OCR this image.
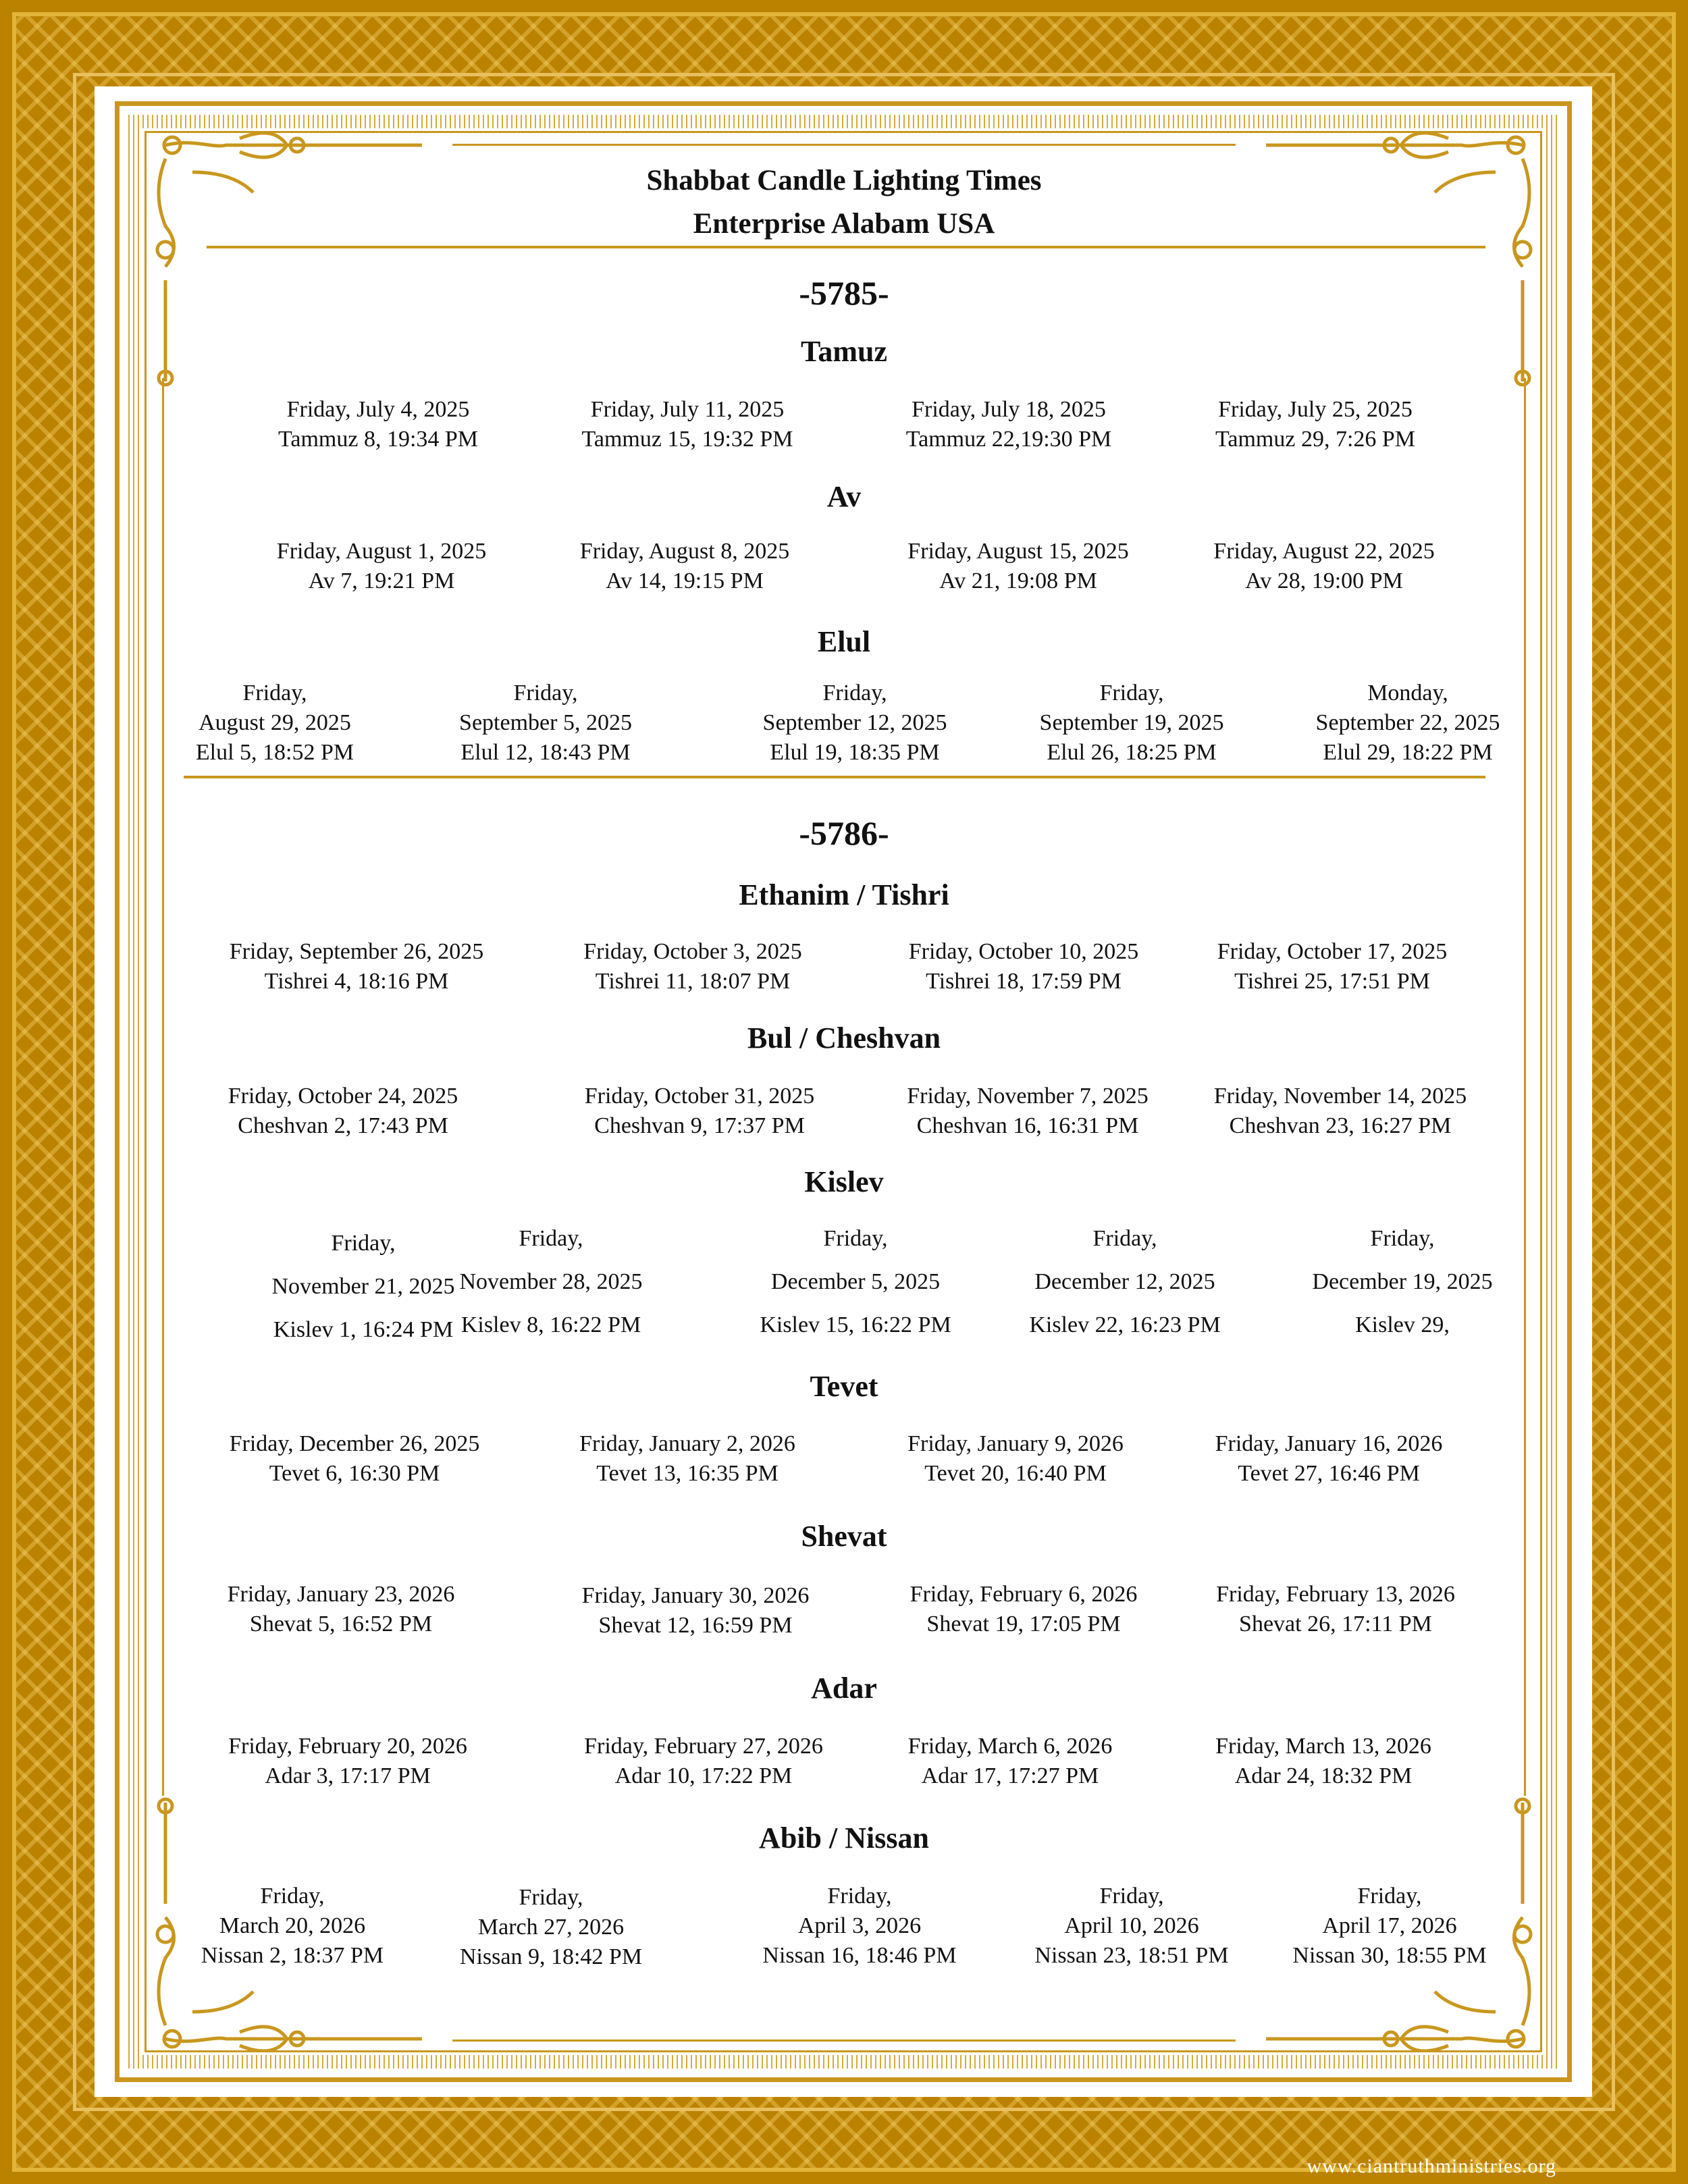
Shabbat Candle Lighting Times
Enterprise Alabam USA
-5785-
Tamuz
Friday, July 4, 2025
Tammuz 8, 19:34 PM
Friday, July 11, 2025
Tammuz 15, 19:32 PM
Friday, July 18, 2025
Tammuz 22,19:30 PM
Friday, July 25, 2025
Tammuz 29, 7:26 PM
Av
Friday, August 1, 2025
Av 7, 19:21 PM
Friday, August 8, 2025
Av 14, 19:15 PM
Friday, August 15, 2025
Av 21, 19:08 PM
Friday, August 22, 2025
Av 28, 19:00 PM
Elul
Friday,
August 29, 2025
Elul 5, 18:52 PM
Friday,
September 5, 2025
Elul 12, 18:43 PM
Friday,
September 12, 2025
Elul 19, 18:35 PM
Friday,
September 19, 2025
Elul 26, 18:25 PM
Monday,
September 22, 2025
Elul 29, 18:22 PM
-5786-
Ethanim / Tishri
Friday, September 26, 2025
Tishrei 4, 18:16 PM
Friday, October 3, 2025
Tishrei 11, 18:07 PM
Friday, October 10, 2025
Tishrei 18, 17:59 PM
Friday, October 17, 2025
Tishrei 25, 17:51 PM
Bul / Cheshvan
Friday, October 24, 2025
Cheshvan 2, 17:43 PM
Friday, October 31, 2025
Cheshvan 9, 17:37 PM
Friday, November 7, 2025
Cheshvan 16, 16:31 PM
Friday, November 14, 2025
Cheshvan 23, 16:27 PM
Kislev
Friday,
November 21, 2025
Kislev 1, 16:24 PM
Friday,
November 28, 2025
Kislev 8, 16:22 PM
Friday,
December 5, 2025
Kislev 15, 16:22 PM
Friday,
December 12, 2025
Kislev 22, 16:23 PM
Friday,
December 19, 2025
Kislev 29,
Tevet
Friday, December 26, 2025
Tevet 6, 16:30 PM
Friday, January 2, 2026
Tevet 13, 16:35 PM
Friday, January 9, 2026
Tevet 20, 16:40 PM
Friday, January 16, 2026
Tevet 27, 16:46 PM
Shevat
Friday, January 23, 2026
Shevat 5, 16:52 PM
Friday, January 30, 2026
Shevat 12, 16:59 PM
Friday, February 6, 2026
Shevat 19, 17:05 PM
Friday, February 13, 2026
Shevat 26, 17:11 PM
Adar
Friday, February 20, 2026
Adar 3, 17:17 PM
Friday, February 27, 2026
Adar 10, 17:22 PM
Friday, March 6, 2026
Adar 17, 17:27 PM
Friday, March 13, 2026
Adar 24, 18:32 PM
Abib / Nissan
Friday,
March 20, 2026
Nissan 2, 18:37 PM
Friday,
March 27, 2026
Nissan 9, 18:42 PM
Friday,
April 3, 2026
Nissan 16, 18:46 PM
Friday,
April 10, 2026
Nissan 23, 18:51 PM
Friday,
April 17, 2026
Nissan 30, 18:55 PM
www.ciantruthministries.org
